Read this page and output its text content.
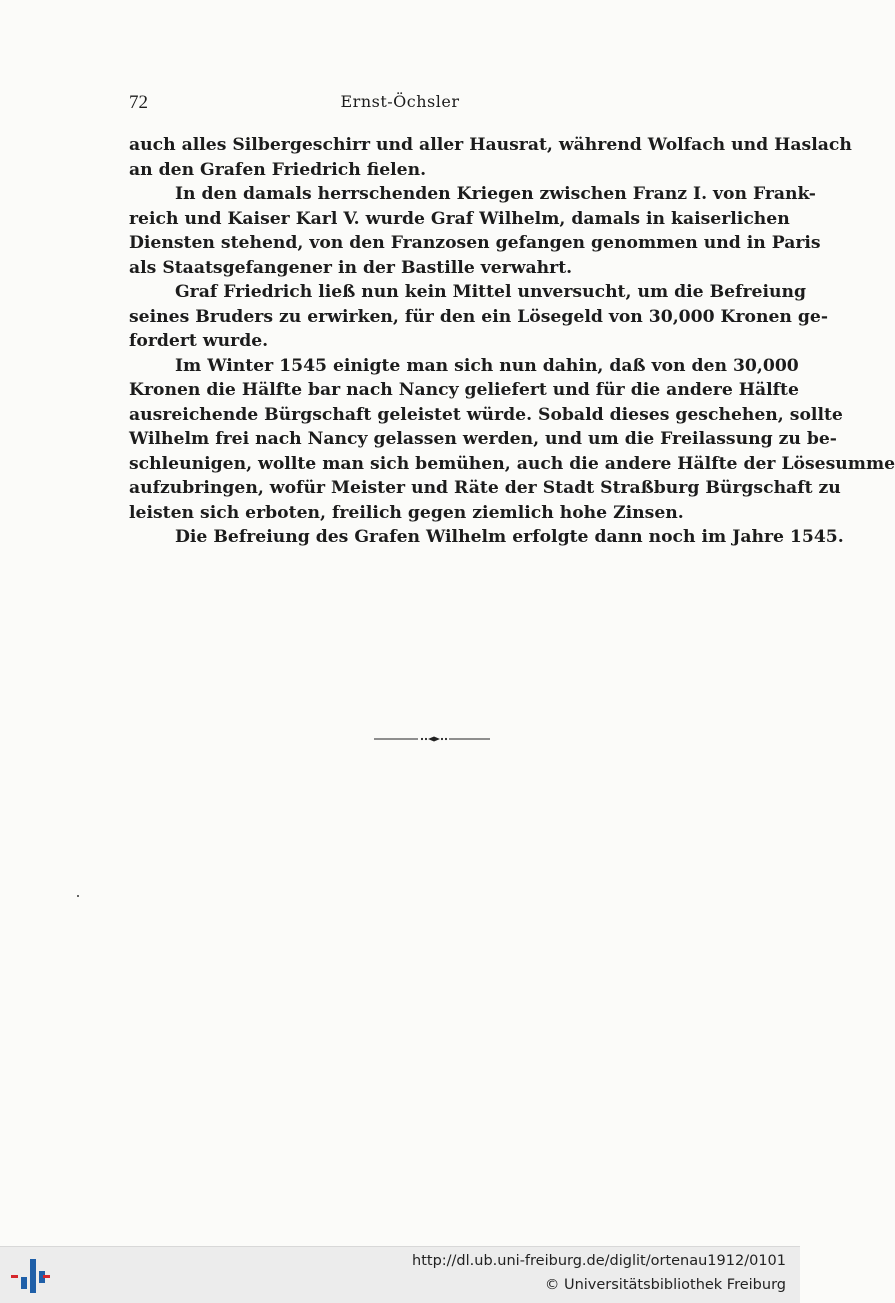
72	Ernst-Öchsler
auch alles Silbergeschirr und aller Hausrat, während Wolfach und Haslach
an den Grafen Friedrich fielen.
In den damals herrschenden Kriegen zwischen Franz I. von Frank-
reich und Kaiser Karl V. wurde Graf Wilhelm, damals in kaiserlichen
Diensten stehend, von den Franzosen gefangen genommen und in Paris
als Staatsgefangener in der Bastille verwahrt.
Graf Friedrich ließ nun kein Mittel unversucht, um die Befreiung
seines Bruders zu erwirken, für den ein Lösegeld von 30,000 Kronen ge-
fordert wurde.
Im Winter 1545 einigte man sich nun dahin, daß von den 30,000
Kronen die Hälfte bar nach Nancy geliefert und für die andere Hälfte
ausreichende Bürgschaft geleistet würde. Sobald dieses geschehen, sollte
Wilhelm frei nach Nancy gelassen werden, und um die Freilassung zu be-
schleunigen, wollte man sich bemühen, auch die andere Hälfte der Lösesumme
aufzubringen, wofür Meister und Räte der Stadt Straßburg Bürgschaft zu
leisten sich erboten, freilich gegen ziemlich hohe Zinsen.
Die Befreiung des Grafen Wilhelm erfolgte dann noch im Jahre 1545.
http://dl.ub.uni-freiburg.de/diglit/ortenau1912/0101
© Universitätsbibliothek Freiburg
